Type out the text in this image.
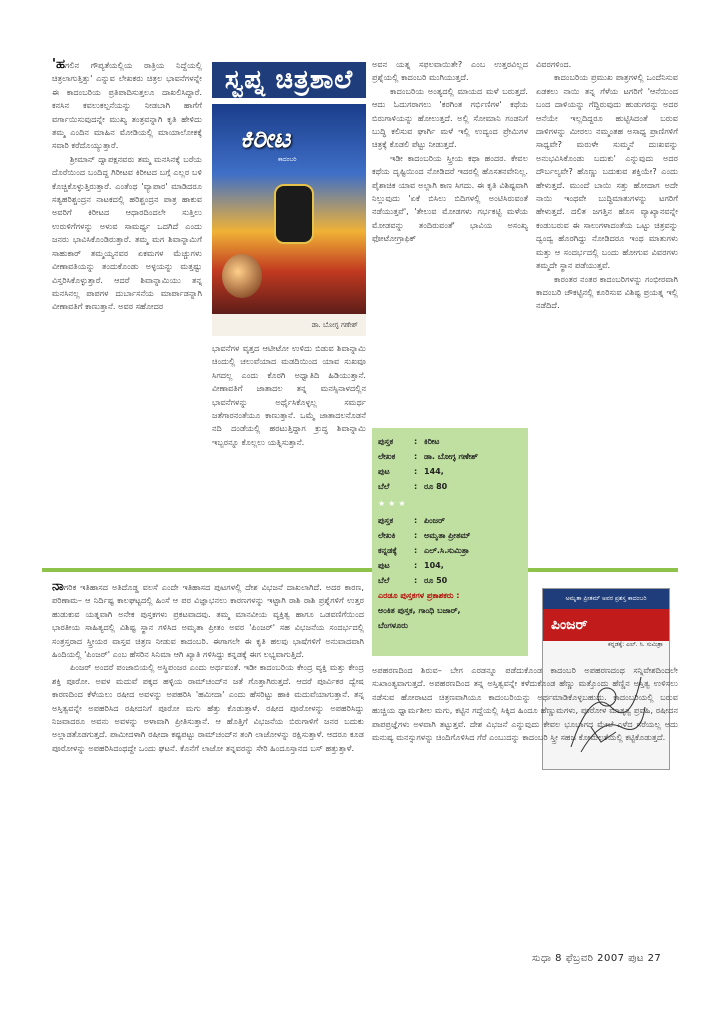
'ಹಗಲಿನ ಗೌಪ್ಯತೆಯಲ್ಲಿಯ ರಾತ್ರಿಯ ನಿದ್ದೆಯಲ್ಲಿ ಚಿತ್ರಲಾಗುತ್ತಿತ್ತು' ಎನ್ನುವ ಲೇಖಕರು ಚಿತ್ರಲ ಭಾವನೆಗಳನ್ನೇ ಈ ಕಾದಂಬರಿಯ ಪ್ರತಿಪಾದಿಸುತ್ತಲೂ ದಾಖಲಿಸಿದ್ದಾರೆ. ಕನಸಿನ ಕವಲುಕಲ್ಪನೆಯನ್ನು ನೀಡಬಾಗಿ ಹಾಗೆಗೆ ವರ್ಗಾಯಿಸುವುದನ್ನೇ ಮುಖ್ಯ ತಂತ್ರವನ್ನಾಗಿ ಕೃತಿ ಹೇಳಿದು ತಮ್ಮ ಎಂದಿನ ಮಾಹಿನ ಮೋಡಿಯಲ್ಲಿ ಮಾಯಾಲೋಕಕ್ಕೆ ಸವಾರಿ ಕರೆದೊಯ್ಯುತ್ತಾರೆ.

ಶ್ರೀಮಾನ್ ದ್ವಾಪಕ್ಷನವರು ತಮ್ಮ ಮನಸಿನಕ್ಕೆ ಬರೆಯ ದೊರೆಯಿಂದ ಬಂದಿದ್ದ ಗಿರೀಟವ ಕಿರೀಟದ ಬಗ್ಗೆ ಎಲ್ಲರ ಬಳಿ ಕೊಚ್ಚಿಕೊಳ್ಳುತ್ತಿರುತ್ತಾರೆ. ಎಂತೆಂಥ 'ವ್ಯಾಪಾರ' ಮಾಡಿದರೂ ಸತ್ಯಹರಿಶ್ಚಂದ್ರನ ನಾಟಕದಲ್ಲಿ ಹರಿಶ್ಚಂದ್ರನ ಪಾತ್ರ ಹಾಕುವ ಅವರಿಗೆ ಕಿರೀಟದ ಆಧಾರದಿಂದಲೇ ಸುತ್ತಿಲು ಉರುಳಿಗೆಗಳನ್ನು ಅಳುವ ಸಾಮರ್ಥ್ಯ ಒದಗಿದೆ ಎಂದು ಜನರು ಭಾವಿಸಿಕೊಂಡಿರುತ್ತಾರೆ. ತಮ್ಮ ಮಗ ಶಿವಾನ್ನಾಮಿಗೆ ಸಾಹುಕಾರ್ ತಮ್ಮಯ್ಯನವರ ಏಕಮಗಳ ಮೆಚ್ಚುಗಳು ವೀಣಾವತಿಯನ್ನು ತಂದುಕೊಂಡು ಅಳ್ಳಯನ್ನು ಮತ್ತಷ್ಟು ವಿಸ್ತರಿಸಿಕೊಳ್ಳುತ್ತಾರೆ. ಆದರೆ ಶಿವಾನ್ನಾಮಿಯು ತನ್ನ ಮನಸಿನಲ್ಲ ಪಾಪಗಳ ದುರ್ಬಾಸನೆಯ ಮಾರ್ಪಾಡನ್ನಾಗಿ ವೀಣಾವತಿಗೆ ಕಾಣುತ್ತಾನೆ. ಅವರ ಸಹೋದರ

ಸ್ವಪ್ನ ಚಿತ್ರಶಾಲೆ
ಕಿರೀಟ
ಕಾದಂಬರಿ
ಡಾ. ಬೋಗ್ಳ ಗಣೇಶ್

ಭಾವನೆಗಳ ವೃತ್ತದ ಆಟೀಟೋ ಉಳಿದು ಬಿಡುವ ಶಿವಾನ್ನಾಮಿ ಚಿಂದುಲ್ಲಿ ಚಲುವೆಯಾದ ಮಡದಿಯಿಂದ ಯಾವ ಸುಖವೂ ಸಿಗದಲ್ಲ ಎಂದು ಕೊರಗಿ ಅಧ್ವಾತಿದಿ ಹಿಡಿಯುತ್ತಾನೆ. ವೀಣಾವತಿಗೆ ಜಾತಾದಲ ತನ್ನ ಮನಸ್ಸಿನಾಳದಲ್ಲಿನ ಭಾವನೆಗಳನ್ನು ಅರ್ಥೈಸಿಕೊಳ್ಳಲ್ಲ ಸಮರ್ಥ ಜತೆಗಾರನಂತೆಯೂ ಕಾಣುತ್ತಾನೆ. ಒಮ್ಮೆ ಜಾತಾದಲನೊಡನೆ ನದಿ ದಂಡೆಯಲ್ಲಿ ಹರಟುತ್ತಿದ್ದಾಗ ಕ್ರುದ್ಧ ಶಿವಾನ್ನಾಮಿ ಇಬ್ಬರನ್ನೂ ಕೊಲ್ಲಲು ಯತ್ನಿಸುತ್ತಾನೆ.

ಅವನ ಯತ್ನ ಸಫಲವಾಯಿತೇ? ಎಂಬ ಉತ್ತರವಿಲ್ಲದ ಪ್ರಶ್ನೆಯಲ್ಲಿ ಕಾದಂಬರಿ ಮುಗಿಯುತ್ತದೆ.

ಕಾದಂಬರಿಯ ಅಂತ್ಯದಲ್ಲಿ ಮಾಯದ ಮಳೆ ಬರುತ್ತದೆ. ಆದು ಓದುಗರಾಗಲು 'ಕರಗಿಂತ ಗರ್ಭಿಣಿಗಳ' ಕಥೆಯ ಬಿರುಗಾಳಿಯನ್ನು ಹೋಲುತ್ತದೆ. ಅಲ್ಲಿ ಸೋಮಾನಿ ಗಂಡನಿಗೆ ಬುದ್ಧಿ ಕಲಿಸುವ ಘಾರ್ಗಿ ಮಳೆ ಇಲ್ಲಿ ಉದ್ಯಂದ ಪ್ರೇಮಿಗಳ ಚಿತ್ರಕ್ಕೆ ಕೊಡಲಿ ಪೆಟ್ಟು ನೀಡುತ್ತದೆ.

ಇಡೀ ಕಾದಂಬರಿಯ ಸ್ತ್ರೀಯ ಕಥಾ ಹಂದರ. ಕೇವಲ ಕಥೆಯ ದೃಷ್ಟಿಯಿಂದ ನೋಡಿದರೆ ಇದರಲ್ಲಿ ಹೊಸತನವೇನಿಲ್ಲ. ಪೈಶಾಚಿಕ ಯಾವ ಅಲ್ಪಾಗಿ ಕಾಣ ಸಿಗದು. ಈ ಕೃತಿ ವಿಶಿಷ್ಟವಾಗಿ ನಿಲ್ಲುವುದು 'ಏಕೆ ಬಿಸಿಲು ಬಿದಿಗಳಲ್ಲಿ ಅಂಟಿಸಿರುವಂತೆ ನಡೆಯುತ್ತವೆ', 'ತೇಲುವ ಮೋಡಗಳು ಗರ್ಭಕಟ್ಟಿ ಮಳೆಯ ಮೋಡವನ್ನು ತಂದಿರುವಂತೆ' ಭಾವಿಯ ಅಸಂಖ್ಯ ಫೋಟೋಗ್ರಾಫಿಕ್

ವಿವರಗಳಿಂದ.

ಕಾದಂಬರಿಯ ಪ್ರಮುಖ ಪಾತ್ರಗಳಲ್ಲಿ ಒಂದೆನಿಸುವ ಏಡಕಲು ನಾಯಿ ತನ್ನ ಗೆಳೆಯ ಟಗರಿಗೆ 'ಆನೆಯಿಂದ ಬಂದ ದಾಳಿಯನ್ನು ಗೆದ್ದಿರುವುದು ಹುಡುಗರನ್ನು ಅದರ ಆನೆಯೇ ಇಲ್ಲದಿದ್ದರೂ ಹುಟ್ಟಿಸಿದಂತೆ ಬರುವ ದಾಳಿಗಳನ್ನು ಮೀರಲು ನಮ್ಮಂತಹ ಅಸಾಧ್ಯ ಪ್ರಾಣಿಗಳಿಗೆ ಸಾಧ್ಯವೇ? ಮರುಳೇ ಸುಮ್ಮನೆ ದುಃಖವನ್ನು ಅನುಭವಿಸಿಕೊಂಡು ಬದುಕು' ಎನ್ನುವುದು ಅದರ ದೌರ್ಬಲ್ಯವೇ? ಹೊಣ್ಣು ಬದುಕುವ ಶಕ್ತಿಯೇ? ಎಂದು ಹೇಳುತ್ತದೆ. ಮುಂದೆ ಬಾಯಿ ಸತ್ತು ಹೋದಾಗ ಅದೇ ನಾಯಿ ಇಂಥವೇ ಬುದ್ಧಿಮಾತುಗಳನ್ನು ಟಗರಿಗೆ ಹೇಳುತ್ತದೆ. ದಲಿತ ಜಗತ್ತಿನ ಹೊಸ ವ್ಯಾಖ್ಯಾನವನ್ನೇ ಕಂಡುಬರುವ ಈ ಸಾಲುಗಳಾದಂತೆಯ ಒಟ್ಟು ಚಿತ್ರವನ್ನು ದ್ವಂದ್ವ ಹೊರಗಿದ್ದು ನೋಡಿದರೂ ಇಂಥ ಮಾತುಗಳು ಮತ್ತು ಆ ಸಂದರ್ಭದಲ್ಲಿ ಬಂದು ಹೋಗುವ ವಿವರಗಳು ತಮ್ಮದೇ ಸ್ಥಾನ ಪಡೆಯುತ್ತವೆ.

ಕಾರಂತರ ನಂತರ ಕಾದಂಬರಿಗಳನ್ನು ಗಂಭೀರವಾಗಿ ಕಾದಂಬರಿ ಚೌಕಟ್ಟಿನಲ್ಲಿ ಕೂರಿಸುವ ವಿಶಿಷ್ಟ ಪ್ರಯತ್ನ ಇಲ್ಲಿ ನಡೆದಿದೆ.

ಪುಸ್ತಕ	: ಕಿರೀಟ
ಲೇಖಕ	: ಡಾ. ಬೋಗ್ಳ ಗಣೇಶ್
ಪುಟ	: 144,
ಬೆಲೆ	: ರೂ 80
★★★
ಪುಸ್ತಕ	: ಪಿಂಜರ್
ಲೇಖಕಿ	: ಅಮೃತಾ ಪ್ರೀತಮ್
ಕನ್ನಡಕ್ಕೆ	: ಎಲ್.ಸಿ.ಸುಮಿತ್ರಾ
ಪುಟ	: 104,
ಬೆಲೆ	: ರೂ 50
ಎರಡೂ ಪುಸ್ತಕಗಳ ಪ್ರಕಾಶಕರು :
ಅಂಕಿತ ಪುಸ್ತಕ, ಗಾಂಧಿ ಬಜಾರ್,
ಬೆಂಗಳೂರು

ನಾಗರಿಕ ಇತಿಹಾಸದ ಅತಿದೊಡ್ಡ ವಲಸೆ ಎಂದೇ ಇತಿಹಾಸದ ಪುಟಗಳಲ್ಲಿ ದೇಶ ವಿಭಜನೆ ದಾಖಲಾಗಿದೆ. ಅದರ ಕಾರಣ, ಪರಿಣಾಮ– ಆ ನಿರ್ದಿಷ್ಟ ಕಾಲಘಟ್ಟದಲ್ಲಿ ಹಿಂಸೆ ಆ ಪರ ವಿಜ್ಞಾಭನಲು ಕಾರಣಗಳನ್ನು ಇಟ್ಟಾಗಿ ರಾಶಿ ರಾಶಿ ಪ್ರಶ್ನೆಗಳಿಗೆ ಉತ್ತರ ಹುಡುಕುವ ಯತ್ನವಾಗಿ ಅನೇಕ ಪುಸ್ತಕಗಳು ಪ್ರಕಟವಾದವು. ತಮ್ಮ ಮಾನವೀಯ ವ್ಯಕ್ತಿತ್ವ ಹಾಗೂ ಒಡವಣಿಗೆಯಿಂದ ಭಾರತೀಯ ಸಾಹಿತ್ಯದಲ್ಲಿ ವಿಶಿಷ್ಟ ಸ್ಥಾನ ಗಳಿಸಿದ ಅಮೃತಾ ಪ್ರೀತಂ ಅವರ 'ಪಿಂಜರ್' ಸಹ ವಿಭಜನೆಯ ಸಂದರ್ಭದಲ್ಲಿ ಸಂತ್ರಸ್ತರಾದ ಸ್ತ್ರೀಯರ ವಾಸ್ತವ ಚಿತ್ರಣ ನೀಡುವ ಕಾದಂಬರಿ. ಈಗಾಗಲೇ ಈ ಕೃತಿ ಹಲವು ಭಾಷೆಗಳಿಗೆ ಅನುವಾದವಾಗಿ ಹಿಂದಿಯಲ್ಲಿ 'ಪಿಂಜರ್' ಎಂಬ ಹೆಸರಿನ ಸಿನಿಮಾ ಆಗಿ ಖ್ಯಾತಿ ಗಳಿಸಿದ್ದು ಕನ್ನಡಕ್ಕೆ ಈಗ ಲಭ್ಯವಾಗುತ್ತಿದೆ.

ಪಿಂಜರ್ ಅಂದರೆ ಪಂಜಾಬಿಯಲ್ಲಿ ಅಸ್ಥಿಪಂಜರ ಎಂದು ಅರ್ಥವಂತೆ. ಇಡೀ ಕಾದಂಬರಿಯ ಕೇಂದ್ರ ವ್ಯಕ್ತಿ ಮತ್ತು ಕೇಂದ್ರ ಶಕ್ತಿ ಪೂರೋ. ಅವಳ ಮದುವೆ ಪಕ್ಕದ ಹಳ್ಳಿಯ ರಾಮ್‌ಚಂದ್‌ನ ಜತೆ ಗೊತ್ತಾಗಿರುತ್ತದೆ. ಆದರೆ ಪೂರ್ವಿಕರ ದ್ವೇಷ ಕಾರಣದಿಂದ ಕೆಳೆಯಲು ರಷೀದ ಅವಳನ್ನು ಅಪಹರಿಸಿ 'ಹಮೀದಾ' ಎಂದು ಹೆಸರಿಟ್ಟು ಹಾಕಿ ಮದುವೆಯಾಗುತ್ತಾನೆ. ತನ್ನ ಅಸ್ತಿತ್ವವನ್ನೇ ಅಪಹರಿಸಿದ ರಷೀದನಿಗೆ ಪೂರೋ ಮಗು ಹೆತ್ತು ಕೊಡುತ್ತಾಳೆ. ರಷೀದ ಪೂರೋಳನ್ನು ಅಪಹರಿಸಿದ್ದು ನಿಜವಾದರೂ ಅವನು ಅವಳನ್ನು ಅಳಾವಾಗಿ ಪ್ರೀತಿಸುತ್ತಾನೆ. ಆ ಹೊತ್ತಿಗೆ ವಿಭಜನೆಯ ಬಿರುಗಾಳಿಗೆ ಜನರ ಬದುಕು ಅಲ್ಲಾಡತೊಡಗುತ್ತದೆ. ಪಾಮೀದಳಾಗಿ ರಷೀದಾ ಕಷ್ಟಪಟ್ಟು ರಾಮ್‌ಚಂದ್‌ನ ತಂಗಿ ಲಾಜೋಳನ್ನು ರಕ್ಷಿಸುತ್ತಾಳೆ. ಆದರೂ ಕೂಡ ಪೂರೋಳನ್ನು ಅಪಹರಿಸಿದಂಥದ್ದೇ ಒಂದು ಘಟನೆ. ಕೊನೆಗೆ ಲಾಜೋ ತನ್ನವರನ್ನು ಸೇರಿ ಹಿಂದೂಸ್ತಾನದ ಬಸ್ ಹತ್ತುತ್ತಾಳೆ.

ಅಮೃತಾ ಪ್ರೀತಮ್ ಅವರ ಪ್ರಶಸ್ತ ಕಾದಂಬರಿ
ಪಿಂಜರ್
ಕನ್ನಡಕ್ಕೆ: ಎಲ್. ಸಿ. ಸುಮಿತ್ರಾ

ಅಪಹರಣದಿಂದ ಶಿರುವ– ಬೇಗ ಎರಡನ್ನೂ ಪಡೆದುಕೊಂಡ ಕಾದಂಬರಿ ಅಪಹರಣದಂಥ ಸನ್ನಿವೇಶದಿಂದಲೇ ಸುಖಾಂತ್ಯವಾಗುತ್ತದೆ. ಅಪಹರಣದಿಂದ ತನ್ನ ಅಸ್ತಿತ್ವವನ್ನೇ ಕಳೆದುಕೊಂಡ ಹೆಣ್ಣು ಮತ್ತೊಂದು ಹೆಣ್ಣಿನ ಅಸ್ತಿತ್ವ ಉಳಿಸಲು ನಡೆಸುವ ಹೋರಾಟದ ಚಿತ್ರಣವಾಗಿಯೂ ಕಾದಂಬರಿಯನ್ನು ಅರ್ಥಮಾಡಿಕೊಳ್ಳಬಹುದು. ಕಾದಂಬರಿಯಲ್ಲಿ ಬರುವ ಹುಚ್ಚಿಯ ಧ್ವಾರ್ಮಶೀಲ ಮಗು, ಕಟ್ಟಿನ ಗದ್ದೆಯಲ್ಲಿ ಸಿಕ್ಕಿದ ಹಿಂದೂ ಹೆಣ್ಣುಮಗಳು, ಪೂರೋಳ ಮಾತೃತ್ವ ಪ್ರವಹಿ, ರಷೀದನ ಪಾಪಪ್ರಜ್ಞೆಗಳು ಅಳವಾಗಿ ತಟ್ಟುತ್ತವೆ. ದೇಶ ವಿಭಜನೆ ಎನ್ನುವುದು ಕೇವಲ ಭೂಭಾಗದ ಮೇಲೆ ಎಳೆದ ಗೆರೆಯಲ್ಲ ಅದು ಮನುಷ್ಯ ಮನಸ್ಸುಗಳನ್ನು ಚಿಂದಿಗೊಳಿಸಿದ ಗೆರೆ ಎಂಬುದನ್ನು ಕಾದಂಬರಿ ಸ್ತ್ರೀ ಸಹಜ ಕೋಮಲತೆಯಲ್ಲಿ ಕಟ್ಟಿಕೊಡುತ್ತದೆ.

ಸುಧಾ 8 ಫೆಬ್ರವರಿ 2007 ಪುಟ 27
